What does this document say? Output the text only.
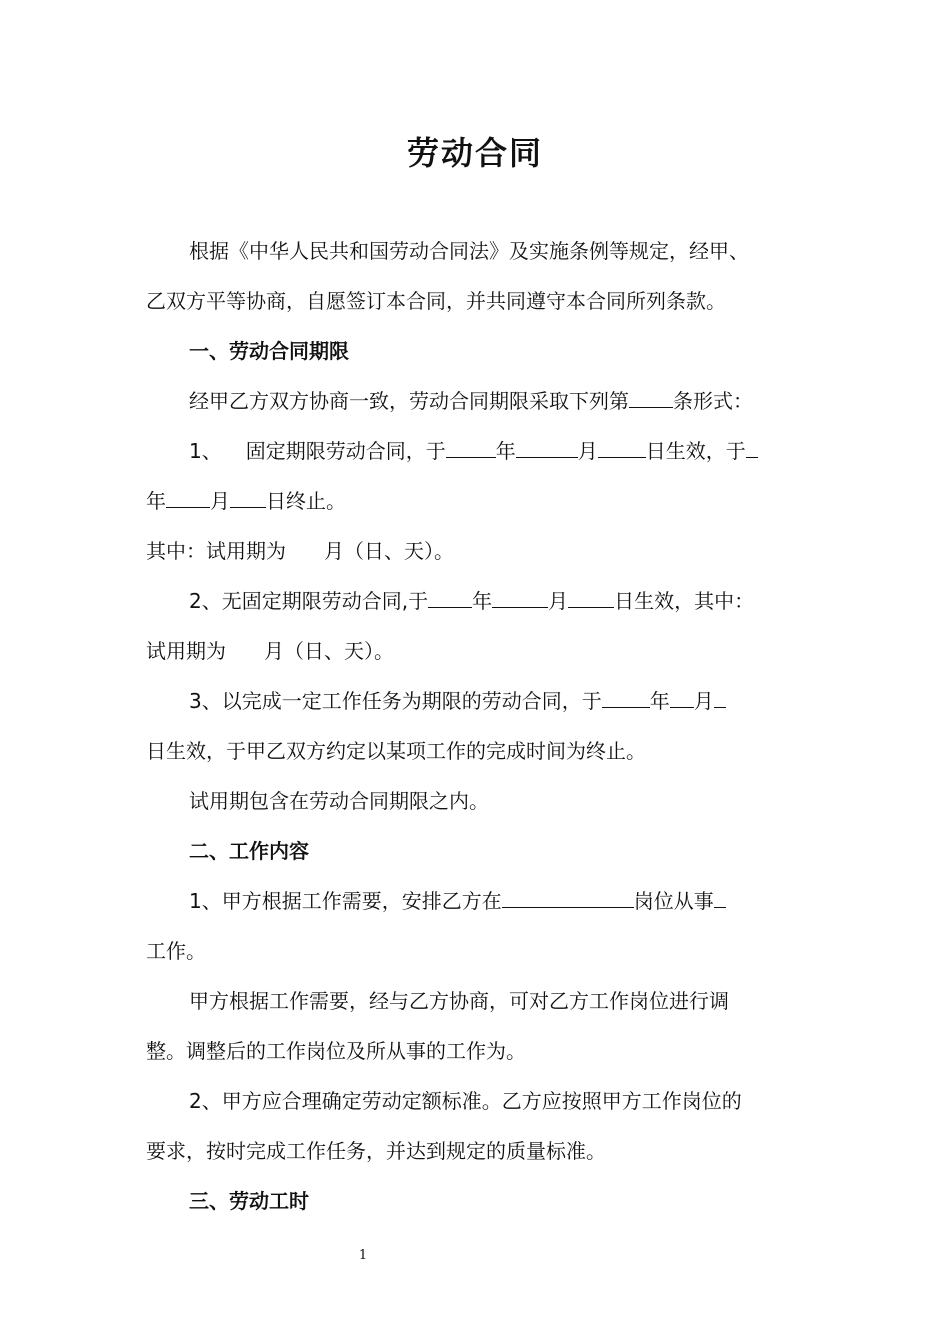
劳动合同
根据《中华人民共和国劳动合同法》及实施条例等规定，经甲、
乙双方平等协商，自愿签订本合同，并共同遵守本合同所列条款。
一、劳动合同期限
经甲乙方双方协商一致，劳动合同期限采取下列第 条形式：
1、 固定期限劳动合同，于	年	月 日生效，于
年 月 日终止。
其中：试用期为 月（日、天）。
2、无固定期限劳动合同,于 年	月 日生效，其中：
试用期为 月（日、天）。
3、以完成一定工作任务为期限的劳动合同，于 年 月
日生效，于甲乙双方约定以某项工作的完成时间为终止。
试用期包含在劳动合同期限之内。
二、工作内容
1、甲方根据工作需要，安排乙方在	岗位从事
工作。
甲方根据工作需要，经与乙方协商，可对乙方工作岗位进行调
整。调整后的工作岗位及所从事的工作为。
2、甲方应合理确定劳动定额标准。乙方应按照甲方工作岗位的
要求，按时完成工作任务，并达到规定的质量标准。
三、劳动工时
1
